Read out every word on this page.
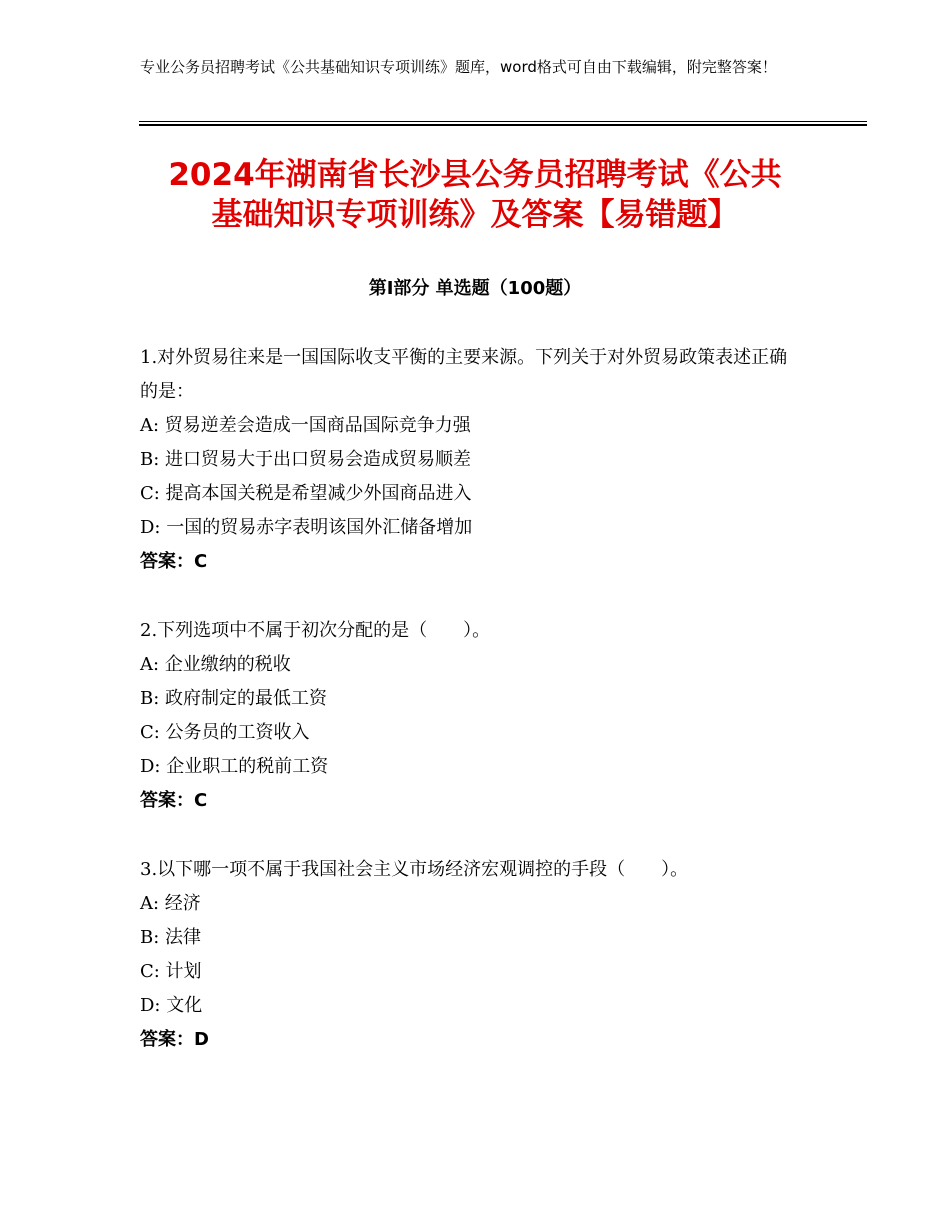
专业公务员招聘考试《公共基础知识专项训练》题库，word格式可自由下载编辑，附完整答案！
2024年湖南省长沙县公务员招聘考试《公共
基础知识专项训练》及答案【易错题】
第Ⅰ部分 单选题（100题）

1.对外贸易往来是一国国际收支平衡的主要来源。下列关于对外贸易政策表述正确的是：

A: 贸易逆差会造成一国商品国际竞争力强

B: 进口贸易大于出口贸易会造成贸易顺差

C: 提高本国关税是希望减少外国商品进入

D: 一国的贸易赤字表明该国外汇储备增加

答案：C

2.下列选项中不属于初次分配的是（　　）。

A: 企业缴纳的税收

B: 政府制定的最低工资

C: 公务员的工资收入

D: 企业职工的税前工资

答案：C

3.以下哪一项不属于我国社会主义市场经济宏观调控的手段（　　）。

A: 经济

B: 法律

C: 计划

D: 文化

答案：D
